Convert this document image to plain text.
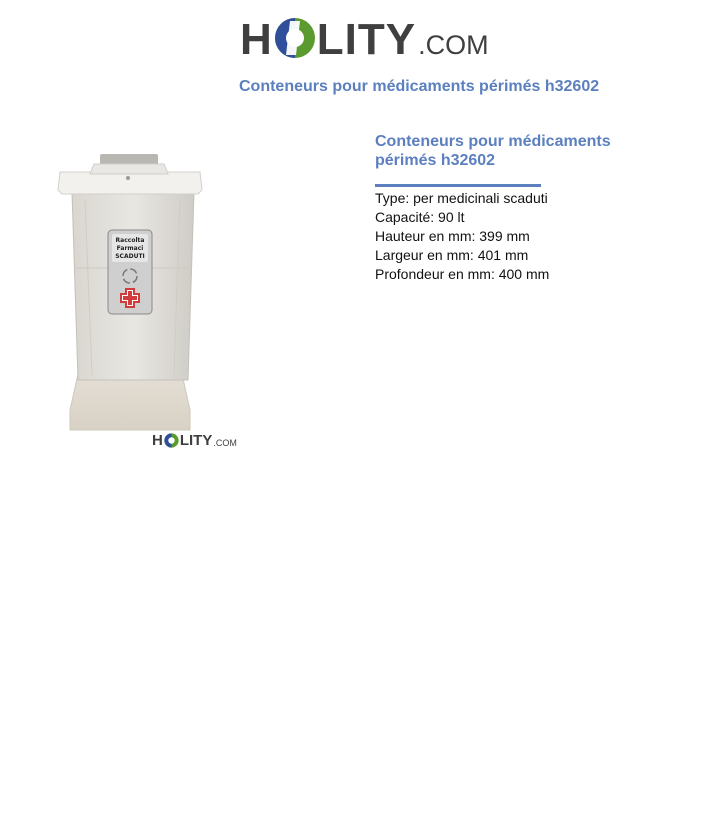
H LITY .COM
Conteneurs pour médicaments périmés h32602
Raccolta
Farmaci
SCADUTI
H LITY .COM
Conteneurs pour médicaments périmés h32602
Type: per medicinali scaduti
Capacité: 90 lt
Hauteur en mm: 399 mm
Largeur en mm: 401 mm
Profondeur en mm: 400 mm
